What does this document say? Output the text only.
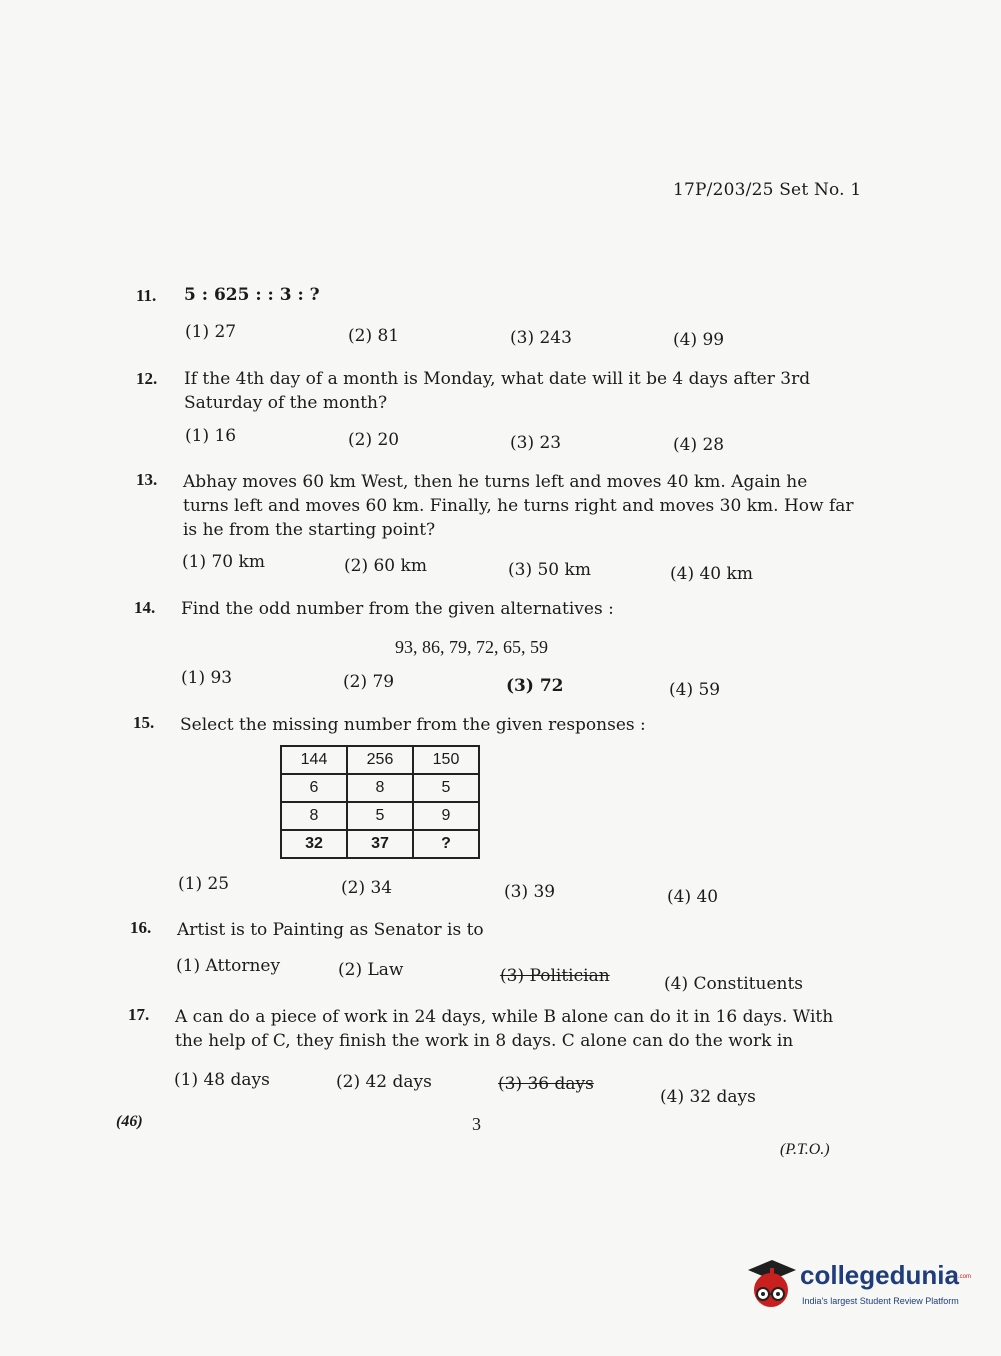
17P/203/25 Set No. 1
11. 5 : 625 : : 3 : ?
(1) 27	(2) 81	(3) 243	(4) 99
12. If the 4th day of a month is Monday, what date will it be 4 days after 3rd Saturday of the month?
(1) 16	(2) 20	(3) 23	(4) 28
13. Abhay moves 60 km West, then he turns left and moves 40 km. Again he turns left and moves 60 km. Finally, he turns right and moves 30 km. How far is he from the starting point?
(1) 70 km	(2) 60 km	(3) 50 km	(4) 40 km
14. Find the odd number from the given alternatives :
93, 86, 79, 72, 65, 59
(1) 93	(2) 79	(3) 72	(4) 59
15. Select the missing number from the given responses :
144	256	150
6	8	5
8	5	9
32	37	?
(1) 25	(2) 34	(3) 39	(4) 40
16. Artist is to Painting as Senator is to
(1) Attorney	(2) Law	(3) Politician	(4) Constituents
17. A can do a piece of work in 24 days, while B alone can do it in 16 days. With the help of C, they finish the work in 8 days. C alone can do the work in
(1) 48 days	(2) 42 days	(3) 36 days
(4) 32 days
(46)	3
(P.T.O.)
collegedunia .com
India's largest Student Review Platform
